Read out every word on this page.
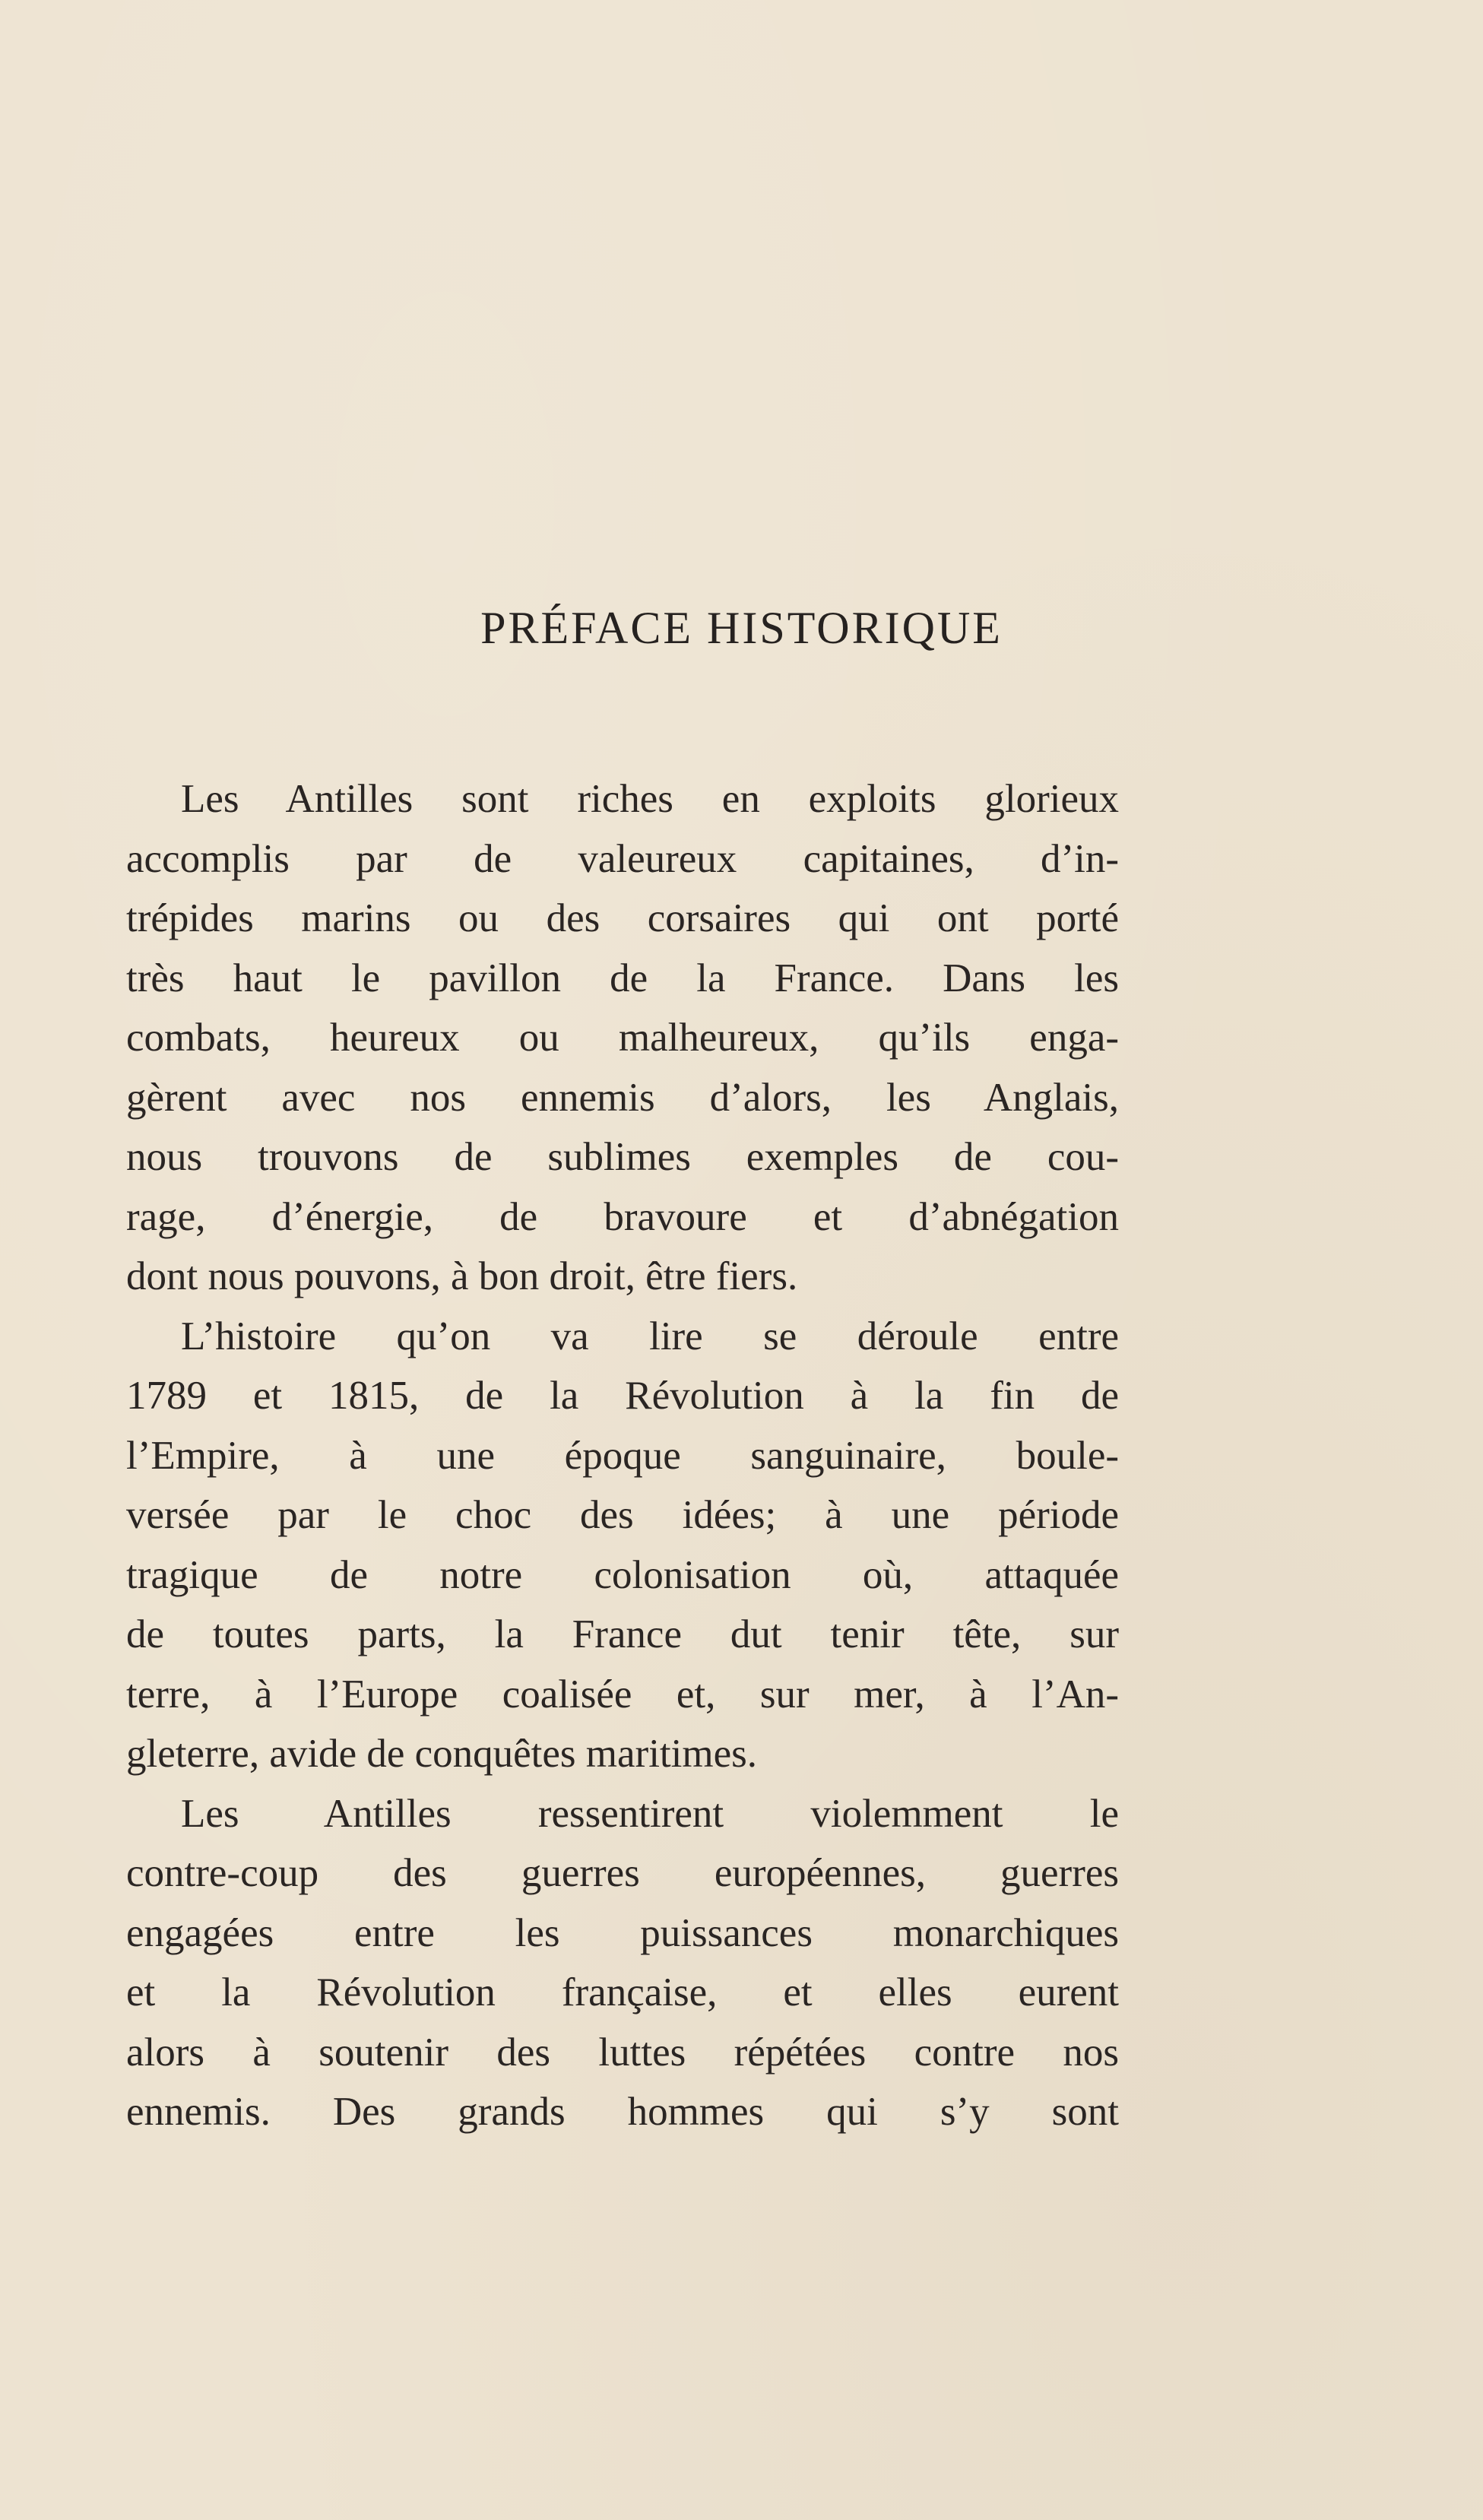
PRÉFACE HISTORIQUE
Les Antilles sont riches en exploits glorieux
accomplis par de valeureux capitaines, d’in-
trépides marins ou des corsaires qui ont porté
très haut le pavillon de la France. Dans les
combats, heureux ou malheureux, qu’ils enga-
gèrent avec nos ennemis d’alors, les Anglais,
nous trouvons de sublimes exemples de cou-
rage, d’énergie, de bravoure et d’abnégation
dont nous pouvons, à bon droit, être fiers.
L’histoire qu’on va lire se déroule entre
1789 et 1815, de la Révolution à la fin de
l’Empire, à une époque sanguinaire, boule-
versée par le choc des idées; à une période
tragique de notre colonisation où, attaquée
de toutes parts, la France dut tenir tête, sur
terre, à l’Europe coalisée et, sur mer, à l’An-
gleterre, avide de conquêtes maritimes.
Les Antilles ressentirent violemment le
contre-coup des guerres européennes, guerres
engagées entre les puissances monarchiques
et la Révolution française, et elles eurent
alors à soutenir des luttes répétées contre nos
ennemis. Des grands hommes qui s’y sont
